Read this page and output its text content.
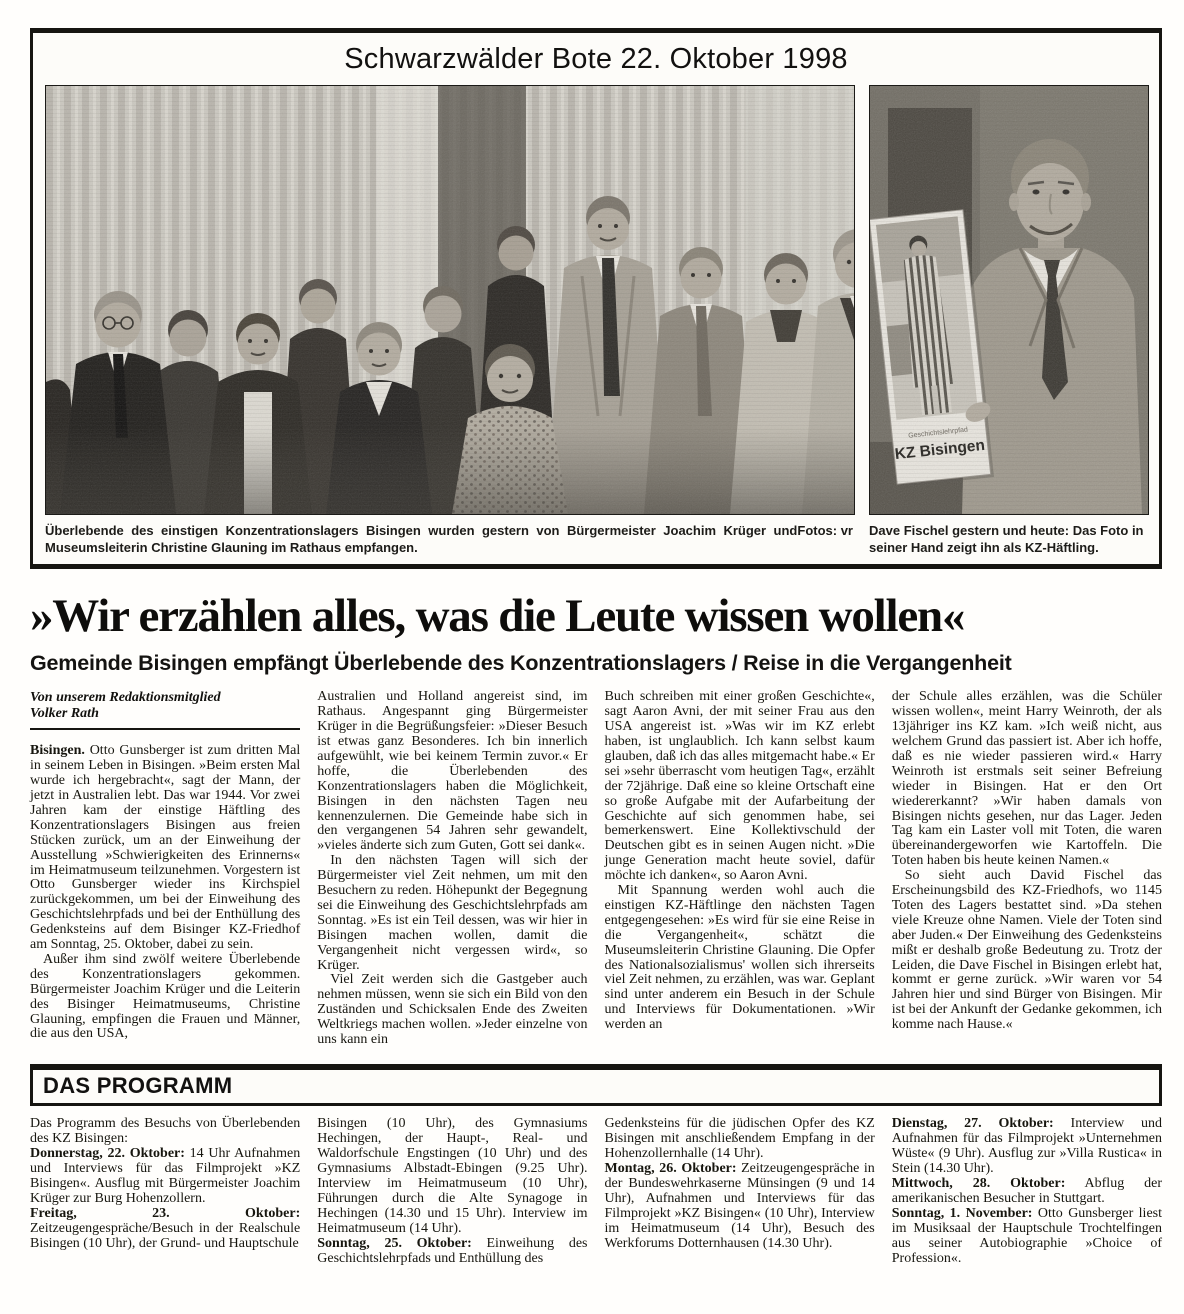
Schwarzwälder Bote 22. Oktober 1998
Fotos: vr
Überlebende des einstigen Konzentrationslagers Bisingen wurden gestern von Bürgermeister Joachim Krüger und Museumsleiterin Christine Glauning im Rathaus empfangen.
Geschichtslehrpfad
KZ Bisingen
Dave Fischel gestern und heute: Das Foto in seiner Hand zeigt ihn als KZ-Häftling.
»Wir erzählen alles, was die Leute wissen wollen«
Gemeinde Bisingen empfängt Überlebende des Konzentrationslagers / Reise in die Vergangenheit
Von unserem Redaktionsmitglied
Volker Rath

Bisingen. Otto Gunsberger ist zum dritten Mal in seinem Leben in Bisingen. »Beim ersten Mal wurde ich hergebracht«, sagt der Mann, der jetzt in Australien lebt. Das war 1944. Vor zwei Jahren kam der einstige Häftling des Konzentrationslagers Bisingen aus freien Stücken zurück, um an der Einweihung der Ausstellung »Schwierigkeiten des Erinnerns« im Heimatmuseum teilzunehmen. Vorgestern ist Otto Gunsberger wieder ins Kirchspiel zurückgekommen, um bei der Einweihung des Geschichtslehrpfads und bei der Enthüllung des Gedenksteins auf dem Bisinger KZ-Friedhof am Sonntag, 25. Oktober, dabei zu sein.

Außer ihm sind zwölf weitere Überlebende des Konzentrationslagers gekommen. Bürgermeister Joachim Krüger und die Leiterin des Bisinger Heimatmuseums, Christine Glauning, empfingen die Frauen und Männer, die aus den USA,

Australien und Holland angereist sind, im Rathaus. Angespannt ging Bürgermeister Krüger in die Begrüßungsfeier: »Dieser Besuch ist etwas ganz Besonderes. Ich bin innerlich aufgewühlt, wie bei keinem Termin zuvor.« Er hoffe, die Überlebenden des Konzentrationslagers haben die Möglichkeit, Bisingen in den nächsten Tagen neu kennenzulernen. Die Gemeinde habe sich in den vergangenen 54 Jahren sehr gewandelt, »vieles änderte sich zum Guten, Gott sei dank«.

In den nächsten Tagen will sich der Bürgermeister viel Zeit nehmen, um mit den Besuchern zu reden. Höhepunkt der Begegnung sei die Einweihung des Geschichtslehrpfads am Sonntag. »Es ist ein Teil dessen, was wir hier in Bisingen machen wollen, damit die Vergangenheit nicht vergessen wird«, so Krüger.

Viel Zeit werden sich die Gastgeber auch nehmen müssen, wenn sie sich ein Bild von den Zuständen und Schicksalen Ende des Zweiten Weltkriegs machen wollen. »Jeder einzelne von uns kann ein

Buch schreiben mit einer großen Geschichte«, sagt Aaron Avni, der mit seiner Frau aus den USA angereist ist. »Was wir im KZ erlebt haben, ist unglaublich. Ich kann selbst kaum glauben, daß ich das alles mitgemacht habe.« Er sei »sehr überrascht vom heutigen Tag«, erzählt der 72jährige. Daß eine so kleine Ortschaft eine so große Aufgabe mit der Aufarbeitung der Geschichte auf sich genommen habe, sei bemerkenswert. Eine Kollektivschuld der Deutschen gibt es in seinen Augen nicht. »Die junge Generation macht heute soviel, dafür möchte ich danken«, so Aaron Avni.

Mit Spannung werden wohl auch die einstigen KZ-Häftlinge den nächsten Tagen entgegengesehen: »Es wird für sie eine Reise in die Vergangenheit«, schätzt die Museumsleiterin Christine Glauning. Die Opfer des Nationalsozialismus' wollen sich ihrerseits viel Zeit nehmen, zu erzählen, was war. Geplant sind unter anderem ein Besuch in der Schule und Interviews für Dokumentationen. »Wir werden an

der Schule alles erzählen, was die Schüler wissen wollen«, meint Harry Weinroth, der als 13jähriger ins KZ kam. »Ich weiß nicht, aus welchem Grund das passiert ist. Aber ich hoffe, daß es nie wieder passieren wird.« Harry Weinroth ist erstmals seit seiner Befreiung wieder in Bisingen. Hat er den Ort wiedererkannt? »Wir haben damals von Bisingen nichts gesehen, nur das Lager. Jeden Tag kam ein Laster voll mit Toten, die waren übereinandergeworfen wie Kartoffeln. Die Toten haben bis heute keinen Namen.«

So sieht auch David Fischel das Erscheinungsbild des KZ-Friedhofs, wo 1145 Toten des Lagers bestattet sind. »Da stehen viele Kreuze ohne Namen. Viele der Toten sind aber Juden.« Der Einweihung des Gedenksteins mißt er deshalb große Bedeutung zu. Trotz der Leiden, die Dave Fischel in Bisingen erlebt hat, kommt er gerne zurück. »Wir waren vor 54 Jahren hier und sind Bürger von Bisingen. Mir ist bei der Ankunft der Gedanke gekommen, ich komme nach Hause.«

DAS PROGRAMM

Das Programm des Besuchs von Überlebenden des KZ Bisingen:

Donnerstag, 22. Oktober: 14 Uhr Aufnahmen und Interviews für das Filmprojekt »KZ Bisingen«. Ausflug mit Bürgermeister Joachim Krüger zur Burg Hohenzollern.

Freitag, 23. Oktober: Zeitzeugengespräche/Besuch in der Realschule Bisingen (10 Uhr), der Grund- und Hauptschule

Bisingen (10 Uhr), des Gymnasiums Hechingen, der Haupt-, Real- und Waldorfschule Engstingen (10 Uhr) und des Gymnasiums Albstadt-Ebingen (9.25 Uhr). Interview im Heimatmuseum (10 Uhr), Führungen durch die Alte Synagoge in Hechingen (14.30 und 15 Uhr). Interview im Heimatmuseum (14 Uhr).

Sonntag, 25. Oktober: Einweihung des Geschichtslehrpfads und Enthüllung des

Gedenksteins für die jüdischen Opfer des KZ Bisingen mit anschließendem Empfang in der Hohenzollernhalle (14 Uhr).

Montag, 26. Oktober: Zeitzeugengespräche in der Bundeswehrkaserne Münsingen (9 und 14 Uhr), Aufnahmen und Interviews für das Filmprojekt »KZ Bisingen« (10 Uhr), Interview im Heimatmuseum (14 Uhr), Besuch des Werkforums Dotternhausen (14.30 Uhr).

Dienstag, 27. Oktober: Interview und Aufnahmen für das Filmprojekt »Unternehmen Wüste« (9 Uhr). Ausflug zur »Villa Rustica« in Stein (14.30 Uhr).

Mittwoch, 28. Oktober: Abflug der amerikanischen Besucher in Stuttgart.

Sonntag, 1. November: Otto Gunsberger liest im Musiksaal der Hauptschule Trochtelfingen aus seiner Autobiographie »Choice of Profession«.
